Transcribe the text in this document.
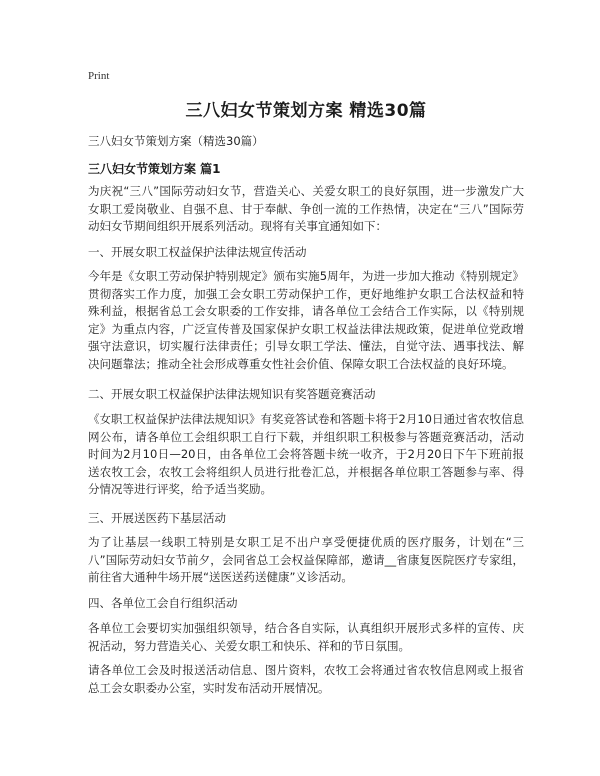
Print
三八妇女节策划方案 精选30篇
三八妇女节策划方案（精选30篇）
三八妇女节策划方案 篇1

为庆祝“三八”国际劳动妇女节，营造关心、关爱女职工的良好氛围，进一步激发广大女职工爱岗敬业、自强不息、甘于奉献、争创一流的工作热情，决定在“三八”国际劳动妇女节期间组织开展系列活动。现将有关事宜通知如下：

一、开展女职工权益保护法律法规宣传活动

今年是《女职工劳动保护特别规定》颁布实施5周年，为进一步加大推动《特别规定》贯彻落实工作力度，加强工会女职工劳动保护工作，更好地维护女职工合法权益和特殊利益，根据省总工会女职委的工作安排，请各单位工会结合工作实际，以《特别规定》为重点内容，广泛宣传普及国家保护女职工权益法律法规政策，促进单位党政增强守法意识，切实履行法律责任；引导女职工学法、懂法，自觉守法、遇事找法、解决问题靠法；推动全社会形成尊重女性社会价值、保障女职工合法权益的良好环境。

二、开展女职工权益保护法律法规知识有奖答题竞赛活动

《女职工权益保护法律法规知识》有奖竞答试卷和答题卡将于2月10日通过省农牧信息网公布，请各单位工会组织职工自行下载，并组织职工积极参与答题竞赛活动，活动时间为2月10日—20日，由各单位工会将答题卡统一收齐，于2月20日下午下班前报送农牧工会，农牧工会将组织人员进行批卷汇总，并根据各单位职工答题参与率、得分情况等进行评奖，给予适当奖励。

三、开展送医药下基层活动

为了让基层一线职工特别是女职工足不出户享受便捷优质的医疗服务，计划在“三八”国际劳动妇女节前夕，会同省总工会权益保障部，邀请__省康复医院医疗专家组，前往省大通种牛场开展“送医送药送健康”义诊活动。

四、各单位工会自行组织活动

各单位工会要切实加强组织领导，结合各自实际，认真组织开展形式多样的宣传、庆祝活动，努力营造关心、关爱女职工和快乐、祥和的节日氛围。

请各单位工会及时报送活动信息、图片资料，农牧工会将通过省农牧信息网或上报省总工会女职委办公室，实时发布活动开展情况。
